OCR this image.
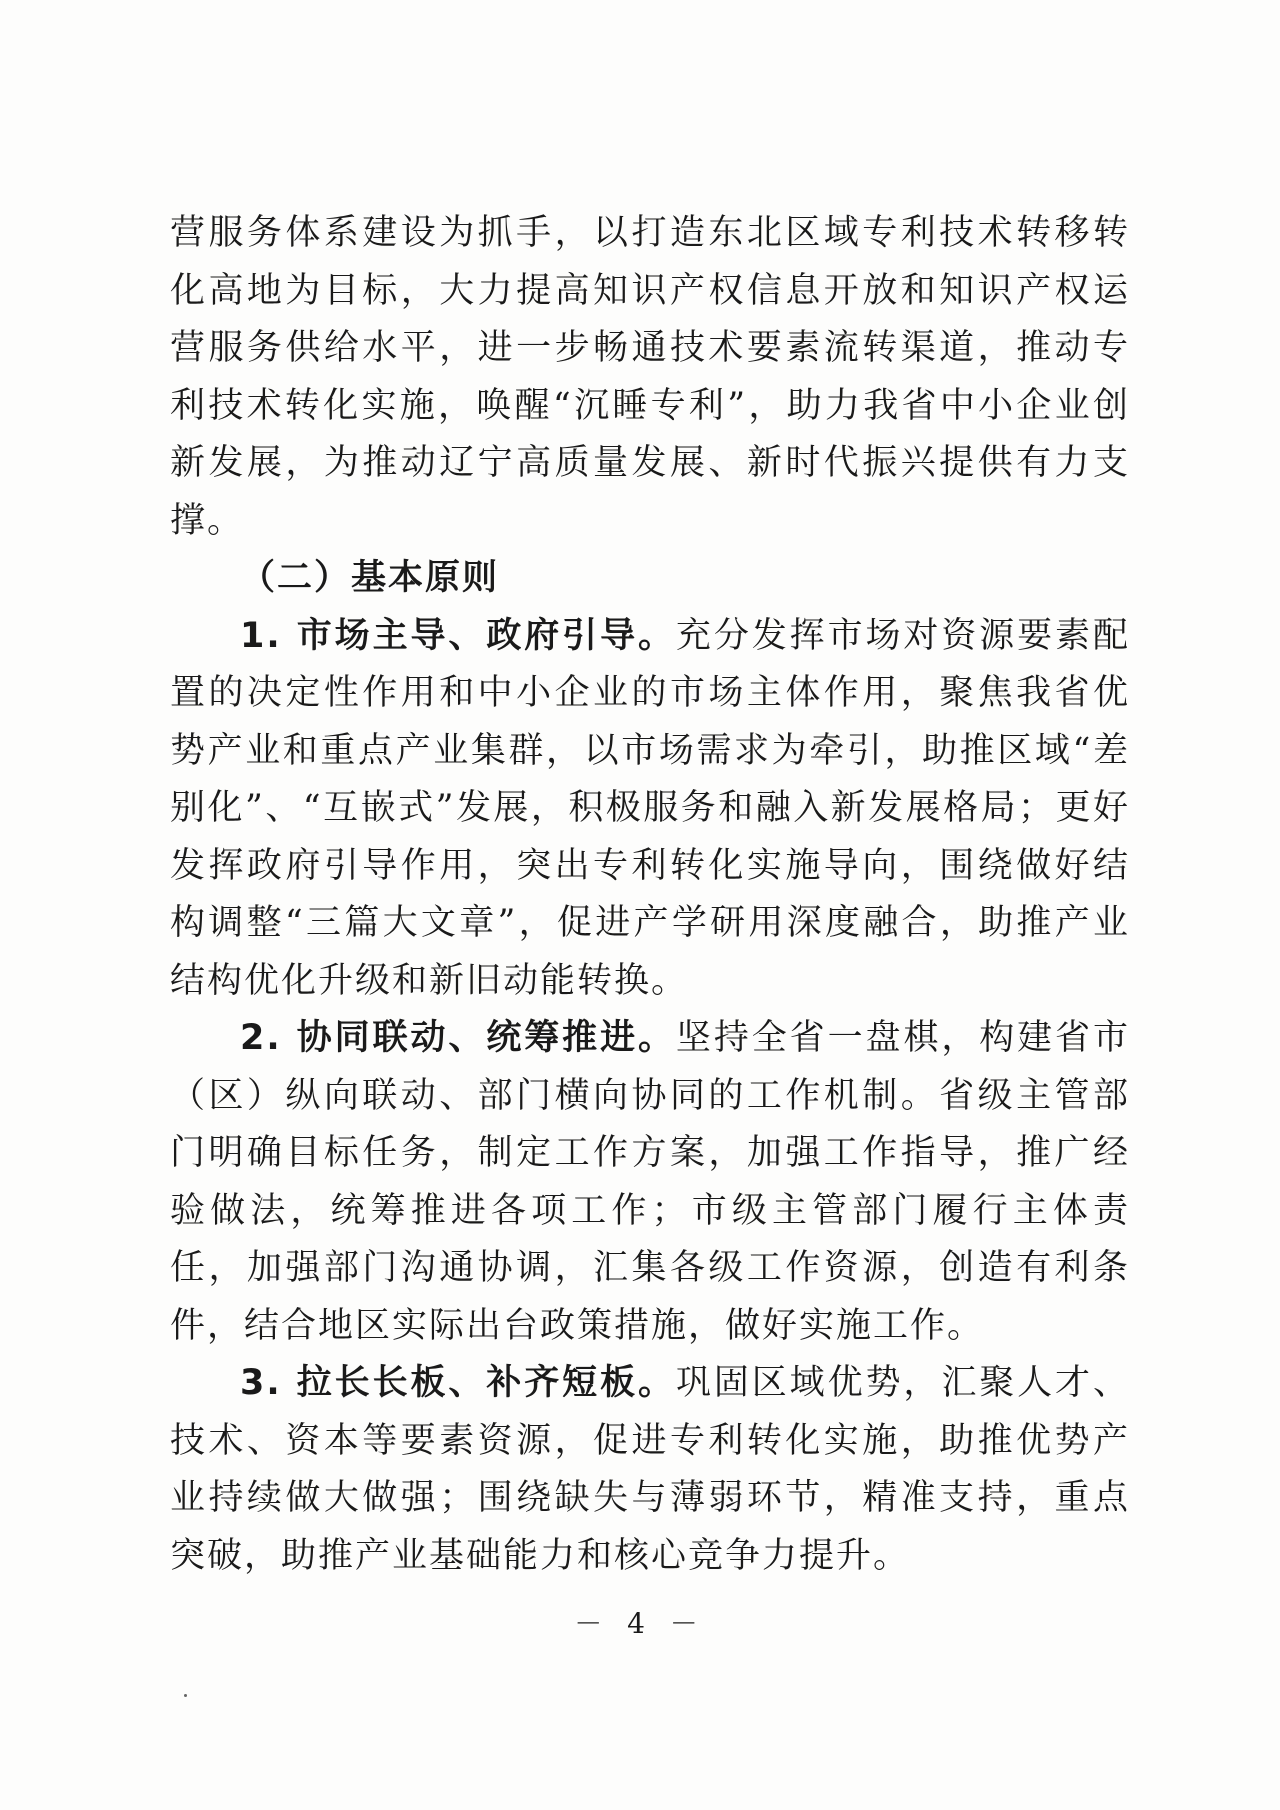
营服务体系建设为抓手，以打造东北区域专利技术转移转化高地为目标，大力提高知识产权信息开放和知识产权运营服务供给水平，进一步畅通技术要素流转渠道，推动专利技术转化实施，唤醒“沉睡专利”，助力我省中小企业创新发展，为推动辽宁高质量发展、新时代振兴提供有力支撑。

（二）基本原则

1. 市场主导、政府引导。充分发挥市场对资源要素配置的决定性作用和中小企业的市场主体作用，聚焦我省优势产业和重点产业集群，以市场需求为牵引，助推区域“差别化”、“互嵌式”发展，积极服务和融入新发展格局；更好发挥政府引导作用，突出专利转化实施导向，围绕做好结构调整“三篇大文章”，促进产学研用深度融合，助推产业结构优化升级和新旧动能转换。

2. 协同联动、统筹推进。坚持全省一盘棋，构建省市（区）纵向联动、部门横向协同的工作机制。省级主管部门明确目标任务，制定工作方案，加强工作指导，推广经验做法，统筹推进各项工作；市级主管部门履行主体责任，加强部门沟通协调，汇集各级工作资源，创造有利条件，结合地区实际出台政策措施，做好实施工作。

3. 拉长长板、补齐短板。巩固区域优势，汇聚人才、技术、资本等要素资源，促进专利转化实施，助推优势产业持续做大做强；围绕缺失与薄弱环节，精准支持，重点突破，助推产业基础能力和核心竞争力提升。

－ 4 －
